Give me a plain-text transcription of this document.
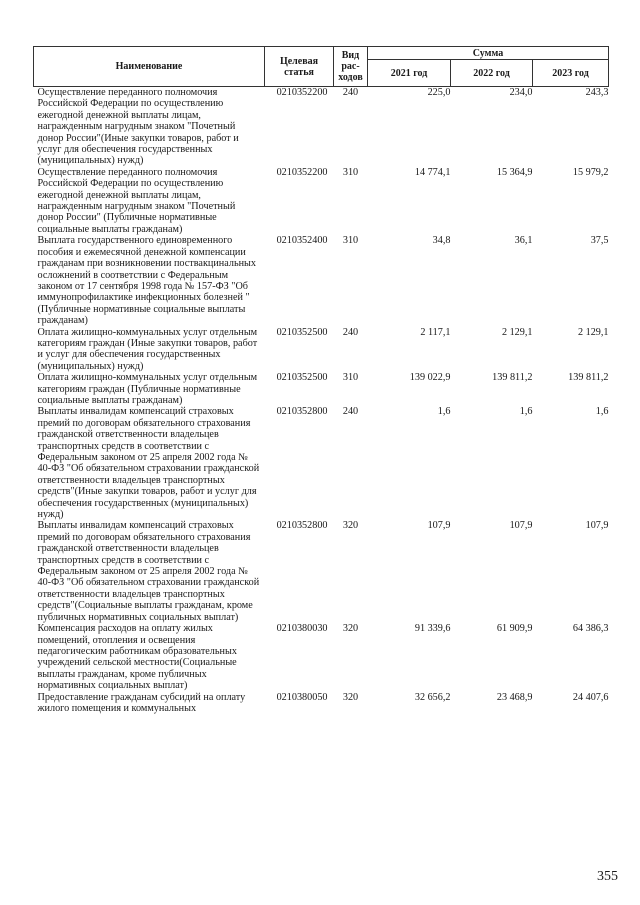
Наименование	Целевая статья	Вид рас- ходов	Сумма		
			2021 год	2022 год	2023 год
Осуществление переданного полномочия Российской Федерации по осуществлению ежегодной денежной выплаты лицам, награжденным нагрудным знаком "Почетный донор России"(Иные закупки товаров, работ и услуг для обеспечения государственных (муниципальных) нужд)	0210352200	240	225,0	234,0	243,3
Осуществление переданного полномочия Российской Федерации по осуществлению ежегодной денежной выплаты лицам, награжденным нагрудным знаком "Почетный донор России" (Публичные нормативные социальные выплаты гражданам)	0210352200	310	14 774,1	15 364,9	15 979,2
Выплата государственного единовременного пособия и ежемесячной денежной компенсации гражданам при возникновении поствакцинальных осложнений в соответствии с Федеральным законом от 17 сентября 1998 года № 157-ФЗ "Об иммунопрофилактике инфекционных болезней "(Публичные нормативные социальные выплаты гражданам)	0210352400	310	34,8	36,1	37,5
Оплата жилищно-коммунальных услуг отдельным категориям граждан (Иные закупки товаров, работ и услуг для обеспечения государственных (муниципальных) нужд)	0210352500	240	2 117,1	2 129,1	2 129,1
Оплата жилищно-коммунальных услуг отдельным категориям граждан (Публичные нормативные социальные выплаты гражданам)	0210352500	310	139 022,9	139 811,2	139 811,2
Выплаты инвалидам компенсаций страховых премий по договорам обязательного страхования гражданской ответственности владельцев транспортных средств в соответствии с Федеральным законом от 25 апреля 2002 года № 40-ФЗ "Об обязательном страховании гражданской ответственности владельцев транспортных средств"(Иные закупки товаров, работ и услуг для обеспечения государственных (муниципальных) нужд)	0210352800	240	1,6	1,6	1,6
Выплаты инвалидам компенсаций страховых премий по договорам обязательного страхования гражданской ответственности владельцев транспортных средств в соответствии с Федеральным законом от 25 апреля 2002 года № 40-ФЗ "Об обязательном страховании гражданской ответственности владельцев транспортных средств"(Социальные выплаты гражданам, кроме публичных нормативных социальных выплат)	0210352800	320	107,9	107,9	107,9
Компенсация расходов на оплату жилых помещений, отопления и освещения педагогическим работникам образовательных учреждений сельской местности(Социальные выплаты гражданам, кроме публичных нормативных социальных выплат)	0210380030	320	91 339,6	61 909,9	64 386,3
Предоставление гражданам субсидий на оплату жилого помещения и коммунальных	0210380050	320	32 656,2	23 468,9	24 407,6
355
